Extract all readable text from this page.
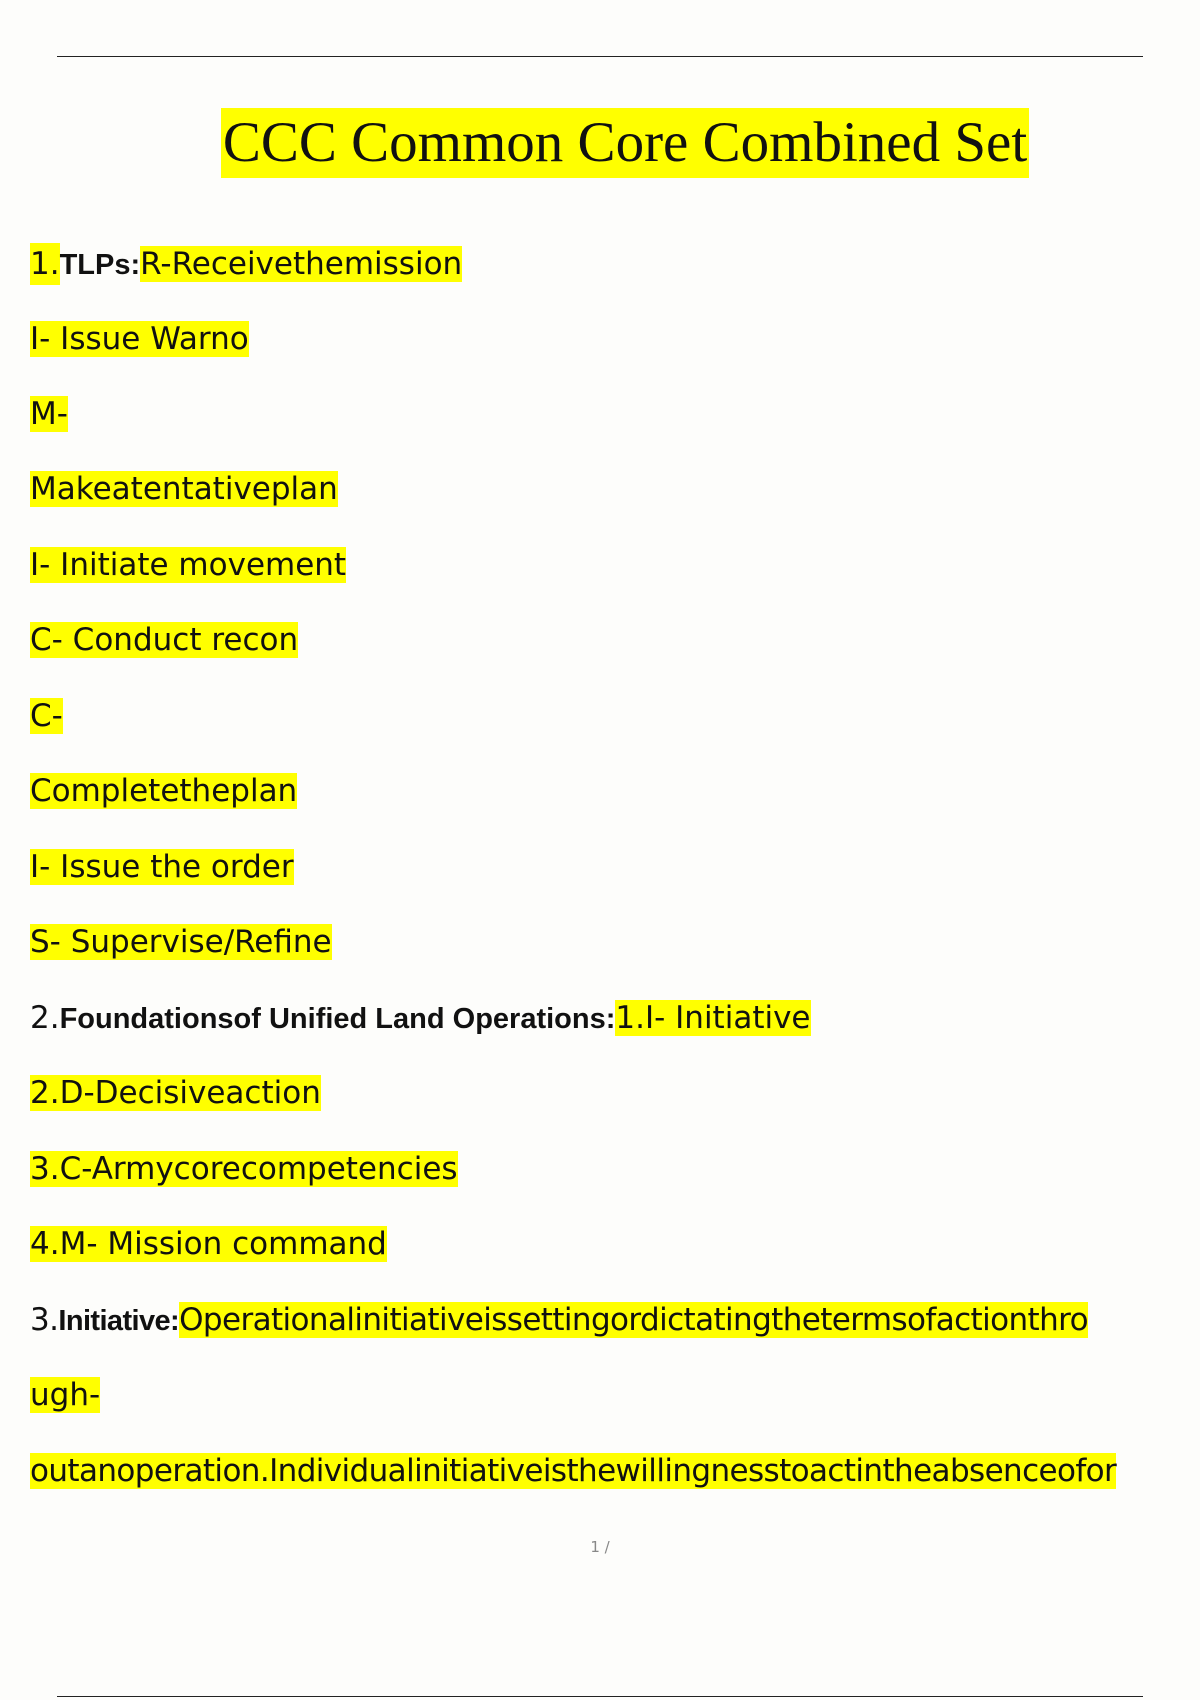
CCC Common Core Combined Set
1.TLPs:R-Receivethemission
I- Issue Warno
M-
Makeatentativeplan
I- Initiate movement
C- Conduct recon
C-
Completetheplan
I- Issue the order
S- Supervise/Refine
2.Foundationsof Unified Land Operations:1.I- Initiative
2.D-Decisiveaction
3.C-Armycorecompetencies
4.M- Mission command
3.Initiative:Operationalinitiativeissettingordictatingthetermsofactionthro
ugh-
outanoperation.Individualinitiativeisthewillingnesstoactintheabsenceofor
1 /
